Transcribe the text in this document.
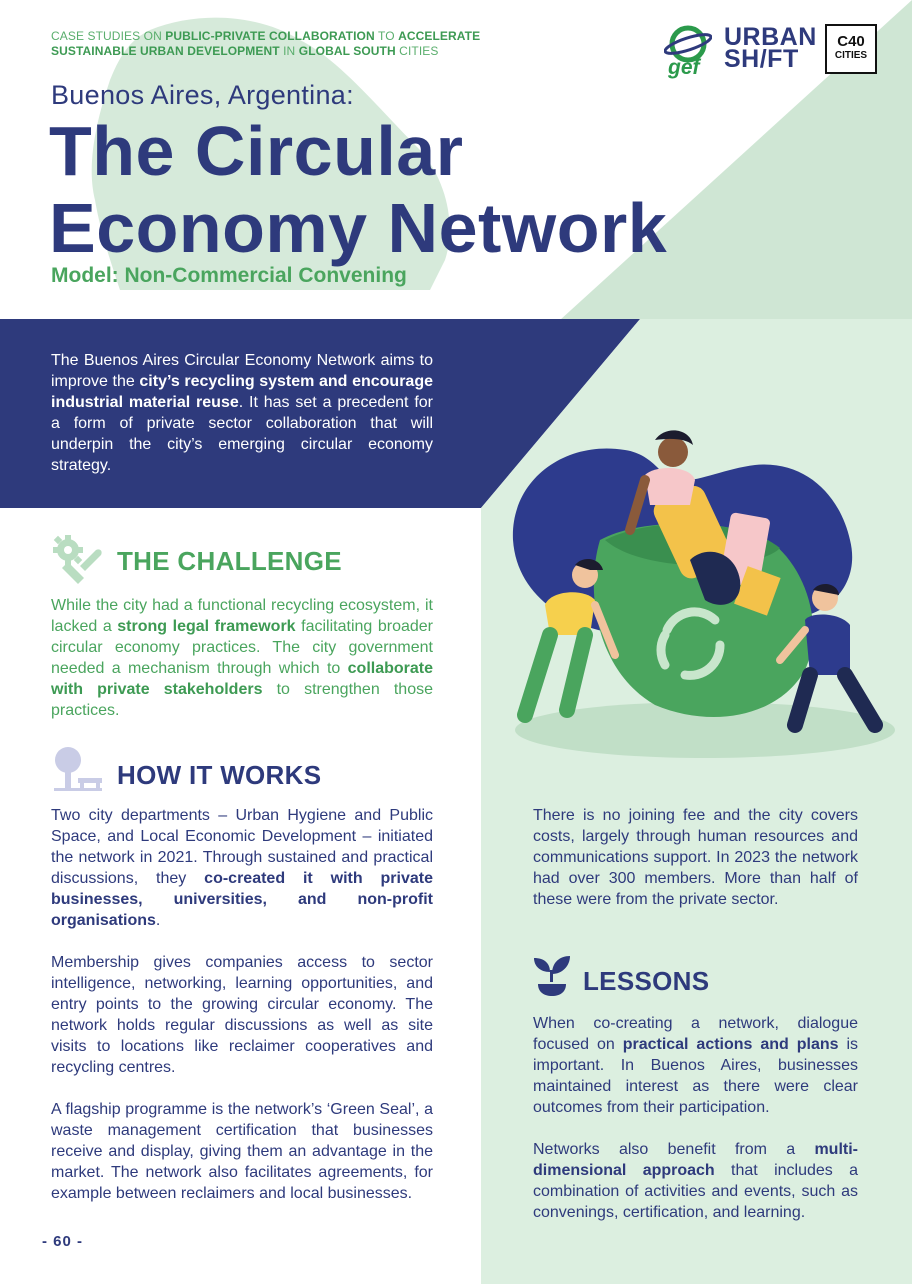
CASE STUDIES ON PUBLIC-PRIVATE COLLABORATION TO ACCELERATE SUSTAINABLE URBAN DEVELOPMENT IN GLOBAL SOUTH CITIES
gef
URBAN
SH/FT
C40
CITIES
Buenos Aires, Argentina:
The Circular
Economy Network
Model: Non-Commercial Convening
The Buenos Aires Circular Economy Network aims to improve the city’s recycling system and encourage industrial material reuse. It has set a precedent for a form of private sector collaboration that will underpin the city’s emerging circular economy strategy.
THE CHALLENGE
While the city had a functional recycling ecosystem, it lacked a strong legal framework facilitating broader circular economy practices. The city government needed a mechanism through which to collaborate with private stakeholders to strengthen those practices.
HOW IT WORKS

Two city departments – Urban Hygiene and Public Space, and Local Economic Development – initiated the network in 2021. Through sustained and practical discussions, they co-created it with private businesses, universities, and non-profit organisations.

Membership gives companies access to sector intelligence, networking, learning opportunities, and entry points to the growing circular economy. The network holds regular discussions as well as site visits to locations like reclaimer cooperatives and recycling centres.

A flagship programme is the network’s ‘Green Seal’, a waste management certification that businesses receive and display, giving them an advantage in the market. The network also facilitates agreements, for example between reclaimers and local businesses.

There is no joining fee and the city covers costs, largely through human resources and communications support. In 2023 the network had over 300 members. More than half of these were from the private sector.
LESSONS

When co-creating a network, dialogue focused on practical actions and plans is important. In Buenos Aires, businesses maintained interest as there were clear outcomes from their participation.

Networks also benefit from a multi-dimensional approach that includes a combination of activities and events, such as convenings, certification, and learning.

- 60 -
